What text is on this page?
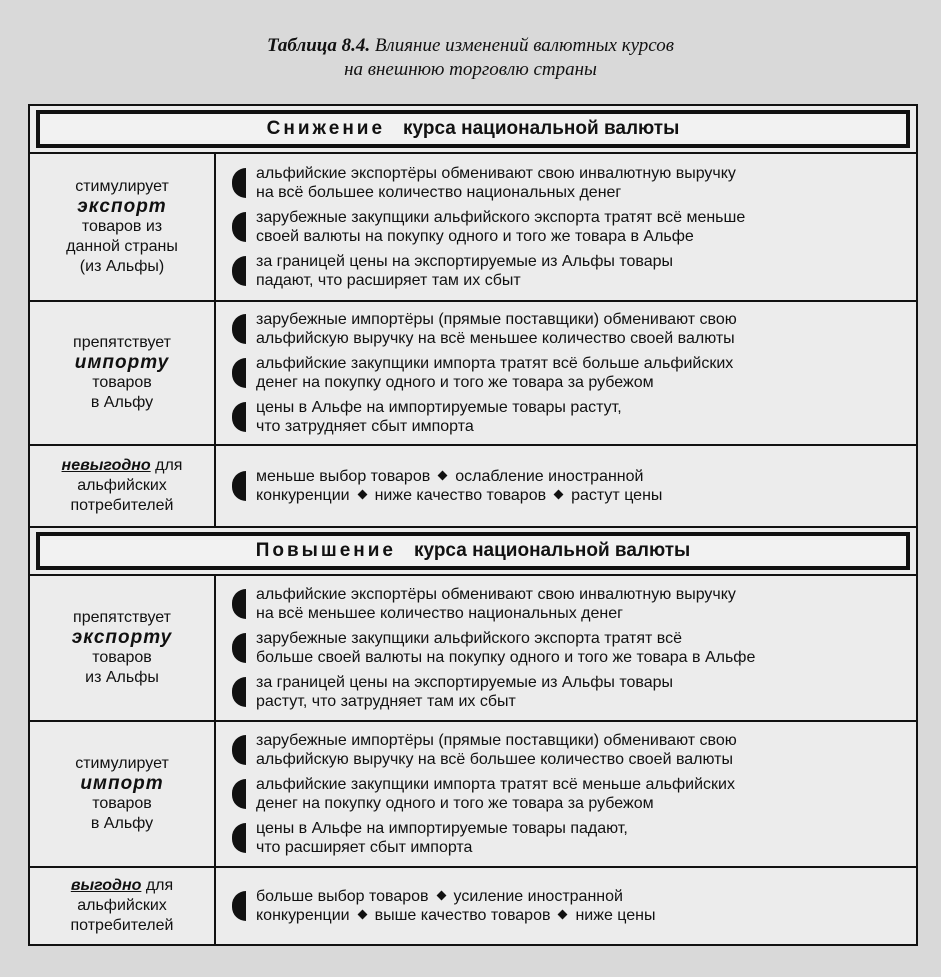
Таблица 8.4. Влияние изменений валютных курсов
на внешнюю торговлю страны
Снижение курса национальной валюты
стимулирует
экспорт
товаров из
данной страны
(из Альфы)
альфийские экспортёры обменивают свою инвалютную выручку
на всё большее количество национальных денег
зарубежные закупщики альфийского экспорта тратят всё меньше
своей валюты на покупку одного и того же товара в Альфе
за границей цены на экспортируемые из Альфы товары
падают, что расширяет там их сбыт
препятствует
импорту
товаров
в Альфу
зарубежные импортёры (прямые поставщики) обменивают свою
альфийскую выручку на всё меньшее количество своей валюты
альфийские закупщики импорта тратят всё больше альфийских
денег на покупку одного и того же товара за рубежом
цены в Альфе на импортируемые товары растут,
что затрудняет сбыт импорта
невыгодно для
альфийских
потребителей
меньше выбор товаров ослабление иностранной
конкуренции ниже качество товаров растут цены
Повышение курса национальной валюты
препятствует
экспорту
товаров
из Альфы
альфийские экспортёры обменивают свою инвалютную выручку
на всё меньшее количество национальных денег
зарубежные закупщики альфийского экспорта тратят всё
больше своей валюты на покупку одного и того же товара в Альфе
за границей цены на экспортируемые из Альфы товары
растут, что затрудняет там их сбыт
стимулирует
импорт
товаров
в Альфу
зарубежные импортёры (прямые поставщики) обменивают свою
альфийскую выручку на всё большее количество своей валюты
альфийские закупщики импорта тратят всё меньше альфийских
денег на покупку одного и того же товара за рубежом
цены в Альфе на импортируемые товары падают,
что расширяет сбыт импорта
выгодно для
альфийских
потребителей
больше выбор товаров усиление иностранной
конкуренции выше качество товаров ниже цены
